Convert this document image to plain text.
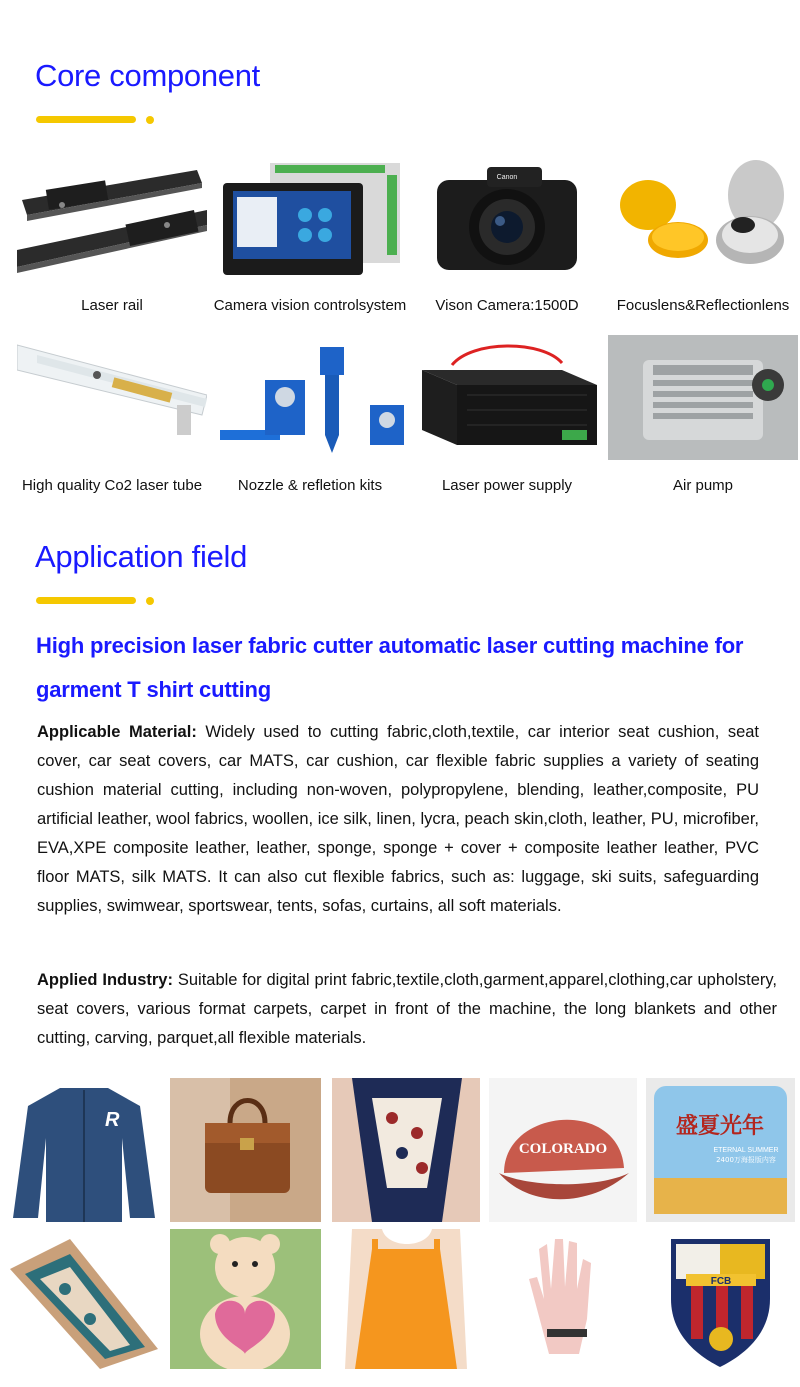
Core component
Laser rail	Camera vision controlsystem
Canon
Vison Camera:1500D	Focuslens&Reflectionlens
High quality Co2 laser tube	Nozzle & refletion kits	Laser power supply	Air pump
Application field
High precision laser fabric cutter automatic laser cutting machine for garment T shirt cutting

Applicable Material: Widely used to cutting fabric,cloth,textile, car interior seat cushion, seat cover, car seat covers, car MATS, car cushion, car flexible fabric supplies a variety of seating cushion material cutting, including non-woven, polypropylene, blending, leather,composite, PU artificial leather, wool fabrics, woollen, ice silk, linen, lycra, peach skin,cloth, leather, PU, microfiber, EVA,XPE composite leather, leather, sponge, sponge + cover + composite leather leather, PVC floor MATS, silk MATS. It can also cut flexible fabrics, such as: luggage, ski suits, safeguarding supplies, swimwear, sportswear, tents, sofas, curtains, all soft materials.

Applied Industry: Suitable for digital print fabric,textile,cloth,garment,apparel,clothing,car upholstery, seat covers, various format carpets, carpet in front of the machine, the long blankets and other cutting, carving, parquet,all flexible materials.

R
COLORADO
盛夏光年
ETERNAL SUMMER
2400万海报版内容
FCB
